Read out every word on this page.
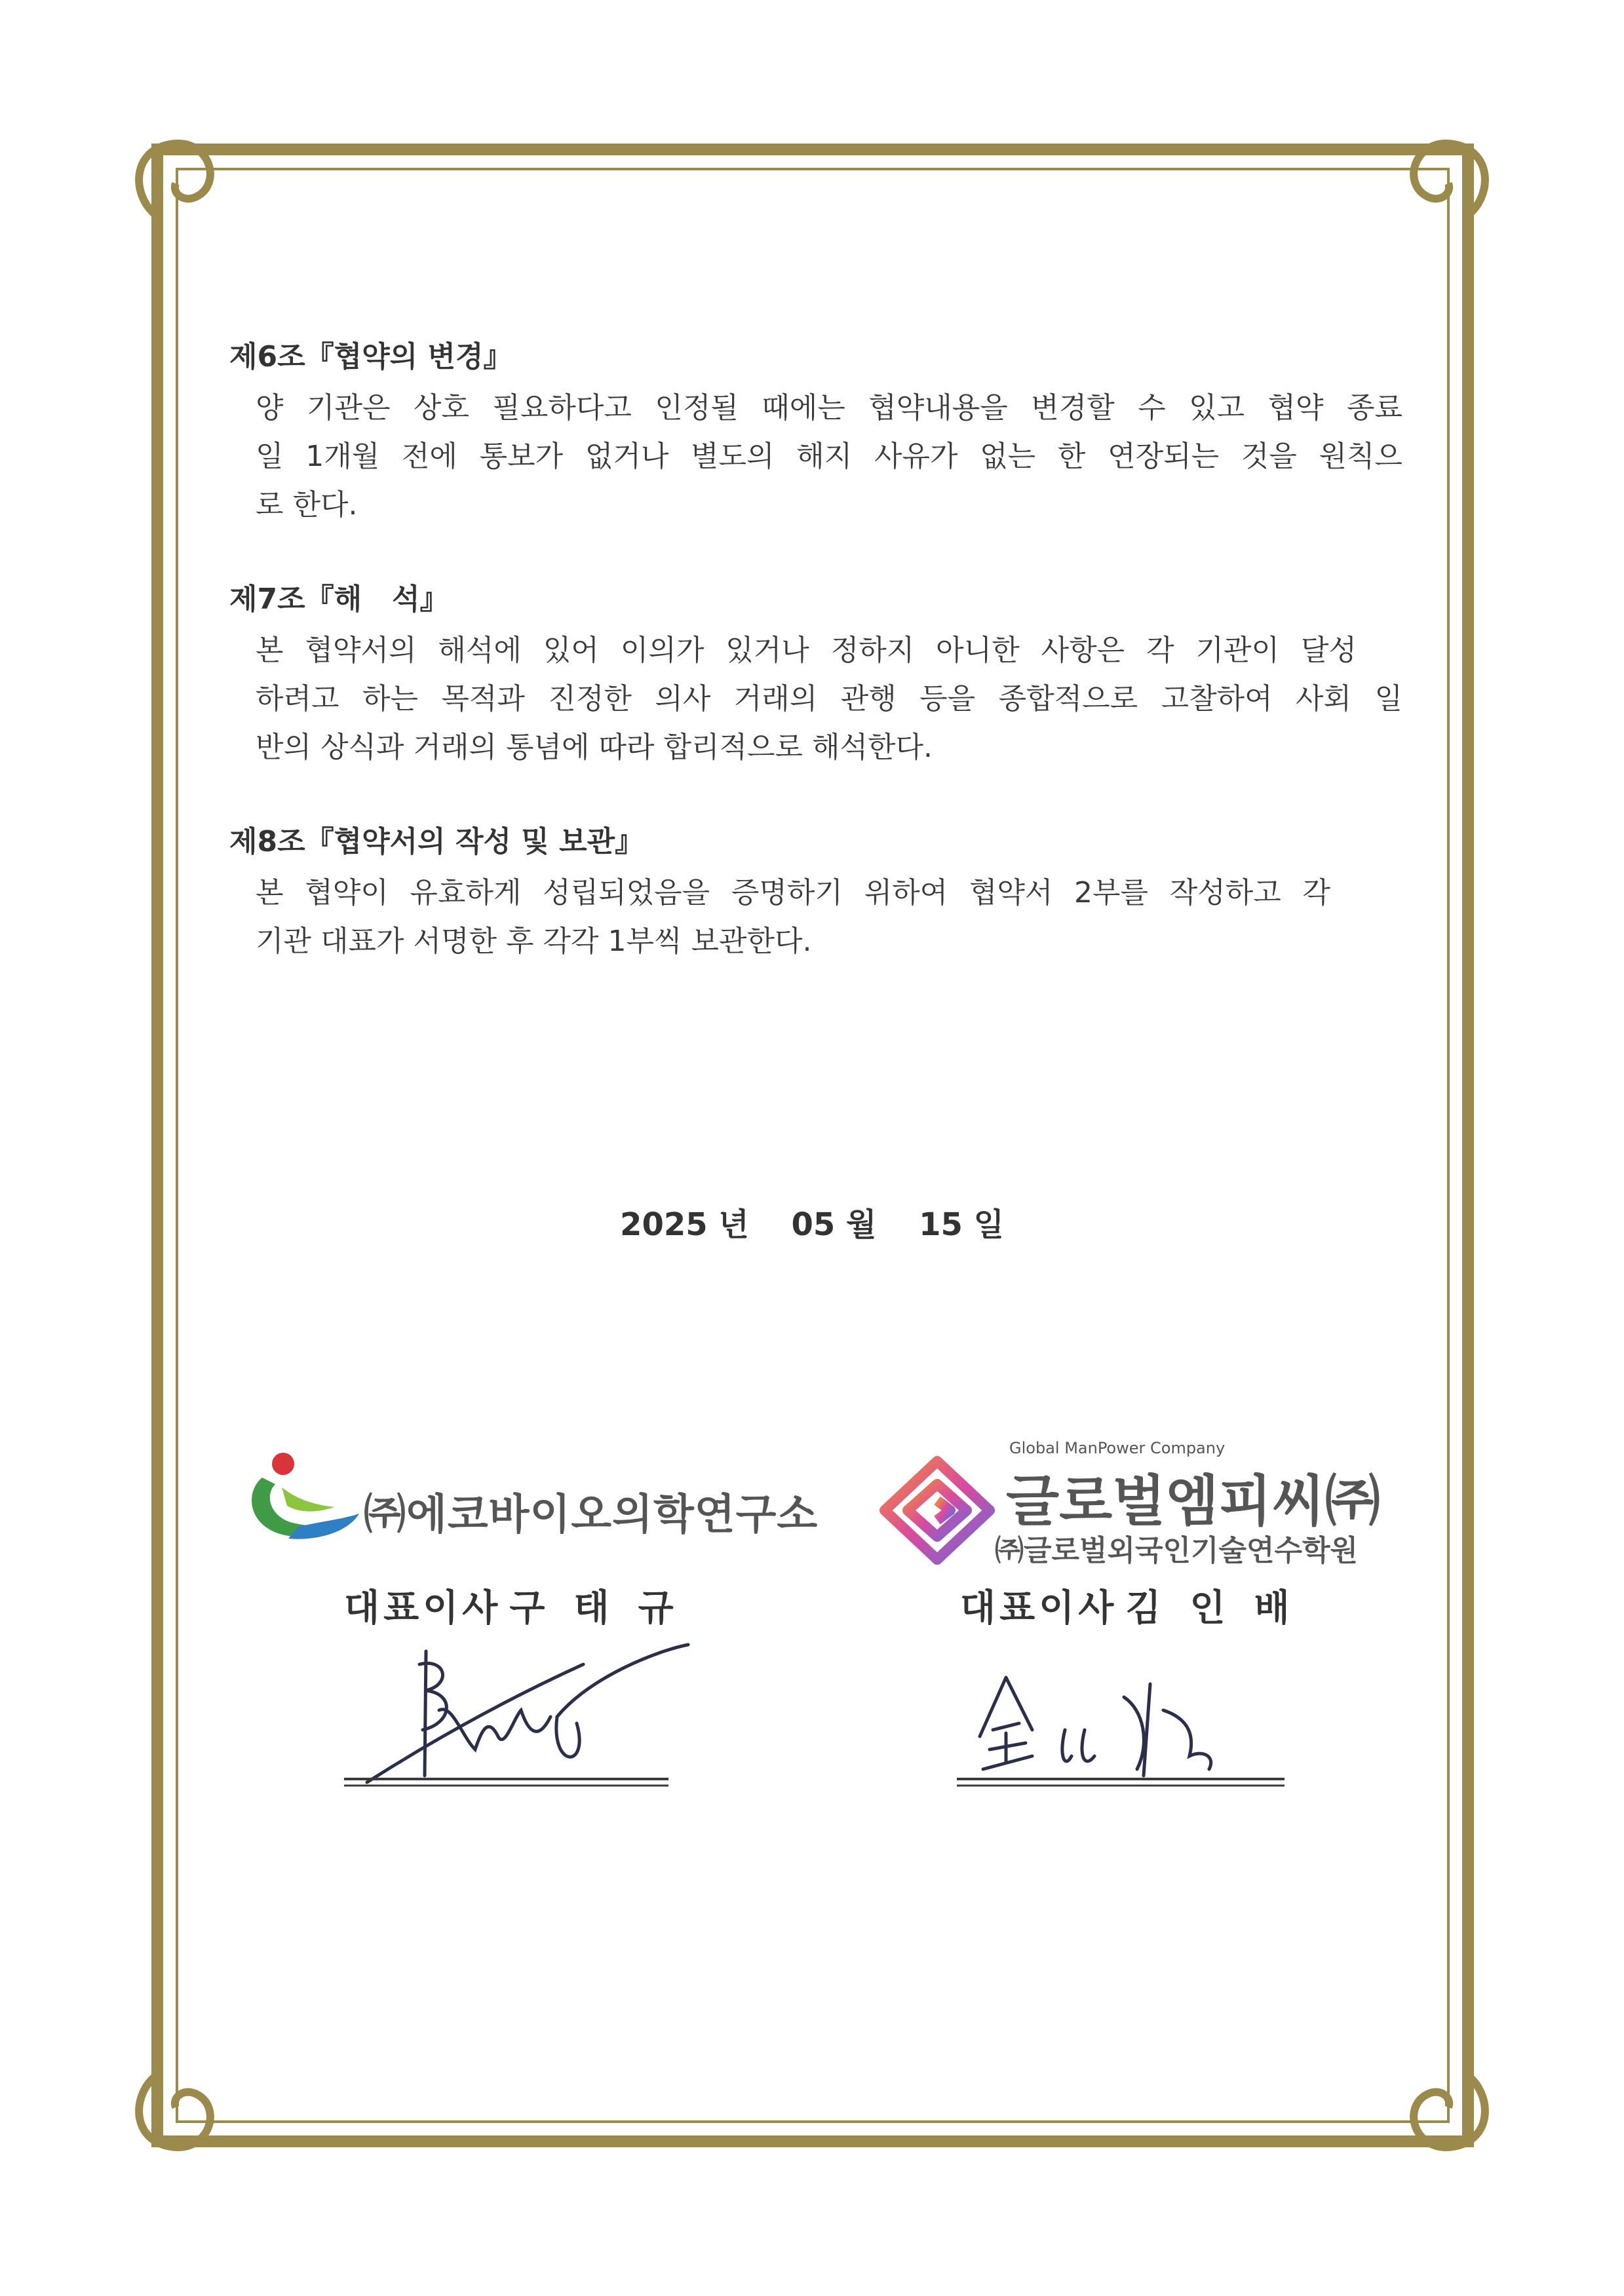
제6조『협약의 변경』
양 기관은 상호 필요하다고 인정될 때에는 협약내용을 변경할 수 있고 협약 종료
일 1개월 전에 통보가 없거나 별도의 해지 사유가 없는 한 연장되는 것을 원칙으
로 한다.
제7조『해   석』
본 협약서의 해석에 있어 이의가 있거나 정하지 아니한 사항은 각 기관이 달성
하려고 하는 목적과 진정한 의사 거래의 관행 등을 종합적으로 고찰하여 사회 일
반의 상식과 거래의 통념에 따라 합리적으로 해석한다.
제8조『협약서의 작성 및 보관』
본 협약이 유효하게 성립되었음을 증명하기 위하여 협약서 2부를 작성하고 각
기관 대표가 서명한 후 각각 1부씩 보관한다.
2025 년 05 월 15 일
㈜에코바이오의학연구소
Global ManPower Company
글로벌엠피씨㈜
㈜글로벌외국인기술연수학원
대표이사 구태규	대표이사 김인배
